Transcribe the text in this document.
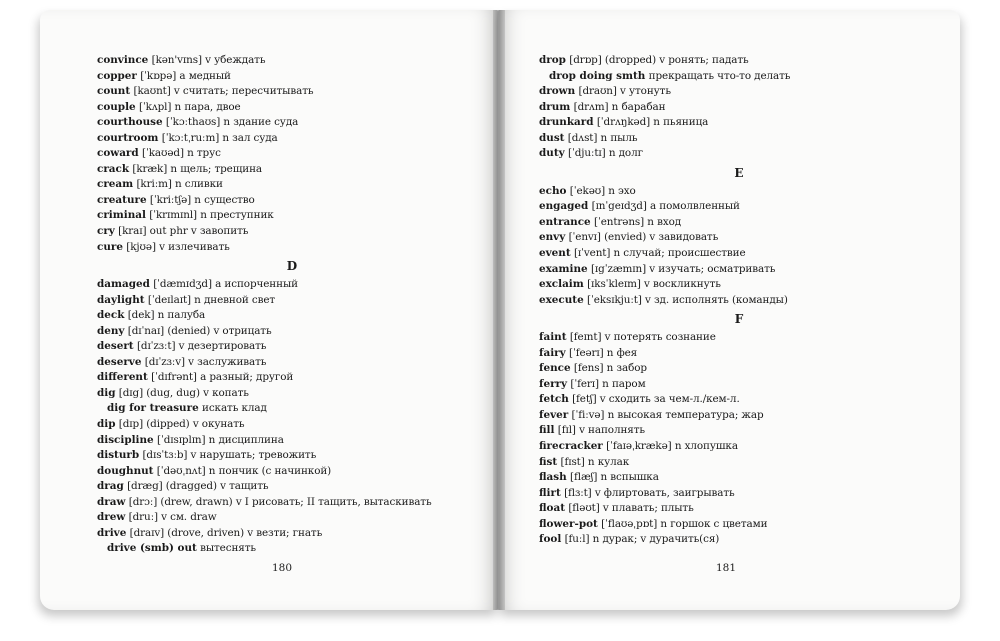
convince [kən'vɪns] v убеждать
copper [ˈkɒpə] a медный
count [kaʊnt] v считать; пересчитывать
couple [ˈkʌpl] n пара, двое
courthouse [ˈkɔːthaʊs] n здание суда
courtroom [ˈkɔːtˌruːm] n зал суда
coward [ˈkaʊəd] n трус
crack [kræk] n щель; трещина
cream [kriːm] n сливки
creature [ˈkriːtʃə] n существо
criminal [ˈkrɪmɪnl] n преступник
cry [kraɪ] out phr v завопить
cure [kjʊə] v излечивать
D
damaged [ˈdæmɪdʒd] a испорченный
daylight [ˈdeɪlaɪt] n дневной свет
deck [dek] n палуба
deny [dɪˈnaɪ] (denied) v отрицать
desert [dɪˈzɜːt] v дезертировать
deserve [dɪˈzɜːv] v заслуживать
different [ˈdɪfrənt] a разный; другой
dig [dɪg] (dug, dug) v копать
dig for treasure искать клад
dip [dɪp] (dipped) v окунать
discipline [ˈdɪsɪplɪn] n дисциплина
disturb [dɪsˈtɜːb] v нарушать; тревожить
doughnut [ˈdəʊˌnʌt] n пончик (с начинкой)
drag [dræg] (dragged) v тащить
draw [drɔː] (drew, drawn) v I рисовать; II тащить, вытаскивать
drew [druː] v см. draw
drive [draɪv] (drove, driven) v везти; гнать
drive (smb) out вытеснять
drop [drɒp] (dropped) v ронять; падать
drop doing smth прекращать что-то делать
drown [draʊn] v утонуть
drum [drʌm] n барабан
drunkard [ˈdrʌŋkəd] n пьяница
dust [dʌst] n пыль
duty [ˈdjuːtɪ] n долг
E
echo [ˈekəʊ] n эхо
engaged [ɪnˈgeɪdʒd] a помолвленный
entrance [ˈentrəns] n вход
envy [ˈenvɪ] (envied) v завидовать
event [ɪˈvent] n случай; происшествие
examine [ɪgˈzæmɪn] v изучать; осматривать
exclaim [ɪksˈkleɪm] v воскликнуть
execute [ˈeksɪkjuːt] v зд. исполнять (команды)
F
faint [feɪnt] v потерять сознание
fairy [ˈfeərɪ] n фея
fence [fens] n забор
ferry [ˈferɪ] n паром
fetch [fetʃ] v сходить за чем-л./кем-л.
fever [ˈfiːvə] n высокая температура; жар
fill [fɪl] v наполнять
firecracker [ˈfaɪəˌkrækə] n хлопушка
fist [fɪst] n кулак
flash [flæʃ] n вспышка
flirt [flɜːt] v флиртовать, заигрывать
float [fləʊt] v плавать; плыть
flower-pot [ˈflaʊəˌpɒt] n горшок с цветами
fool [fuːl] n дурак; v дурачить(ся)
180	181
